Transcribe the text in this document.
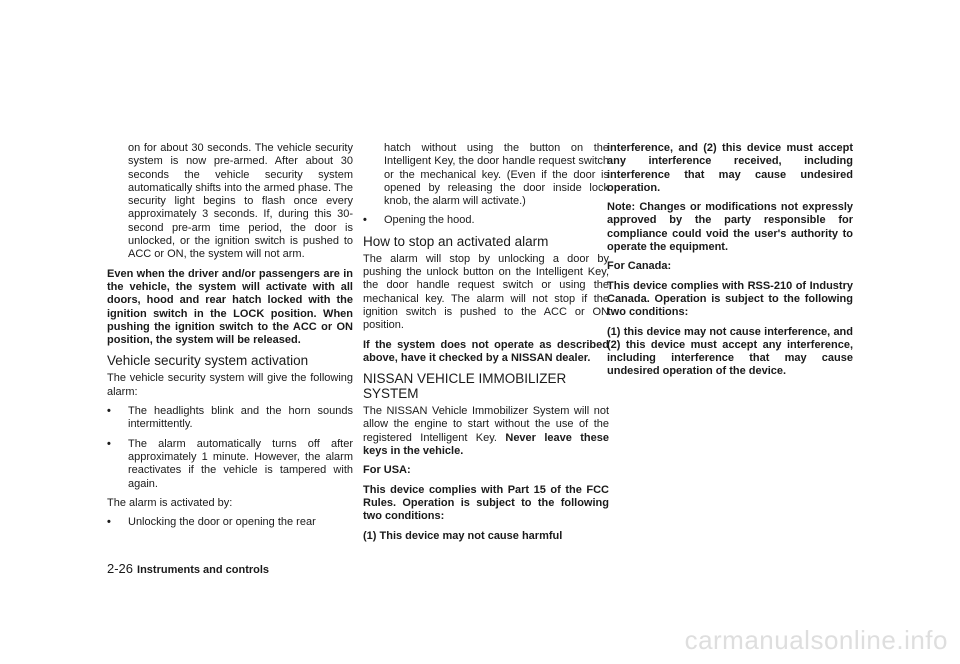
on for about 30 seconds. The vehicle security system is now pre-armed. After about 30 seconds the vehicle security system automatically shifts into the armed phase. The security light begins to flash once every approximately 3 seconds. If, during this 30-second pre-arm time period, the door is unlocked, or the ignition switch is pushed to ACC or ON, the system will not arm.

Even when the driver and/or passengers are in the vehicle, the system will activate with all doors, hood and rear hatch locked with the ignition switch in the LOCK position. When pushing the ignition switch to the ACC or ON position, the system will be released.

Vehicle security system activation

The vehicle security system will give the following alarm:

• The headlights blink and the horn sounds intermittently.
• The alarm automatically turns off after approximately 1 minute. However, the alarm reactivates if the vehicle is tampered with again.

The alarm is activated by:

• Unlocking the door or opening the rear

hatch without using the button on the Intelligent Key, the door handle request switch or the mechanical key. (Even if the door is opened by releasing the door inside lock knob, the alarm will activate.)

• Opening the hood.
How to stop an activated alarm

The alarm will stop by unlocking a door by pushing the unlock button on the Intelligent Key, the door handle request switch or using the mechanical key. The alarm will not stop if the ignition switch is pushed to the ACC or ON position.

If the system does not operate as described above, have it checked by a NISSAN dealer.

NISSAN VEHICLE IMMOBILIZER SYSTEM

The NISSAN Vehicle Immobilizer System will not allow the engine to start without the use of the registered Intelligent Key. Never leave these keys in the vehicle.

For USA:

This device complies with Part 15 of the FCC Rules. Operation is subject to the following two conditions:

(1) This device may not cause harmful

interference, and (2) this device must accept any interference received, including interference that may cause undesired operation.

Note: Changes or modifications not expressly approved by the party responsible for compliance could void the user's authority to operate the equipment.

For Canada:

This device complies with RSS-210 of Industry Canada. Operation is subject to the following two conditions:

(1) this device may not cause interference, and (2) this device must accept any interference, including interference that may cause undesired operation of the device.

2-26 Instruments and controls
carmanualsonline.info
